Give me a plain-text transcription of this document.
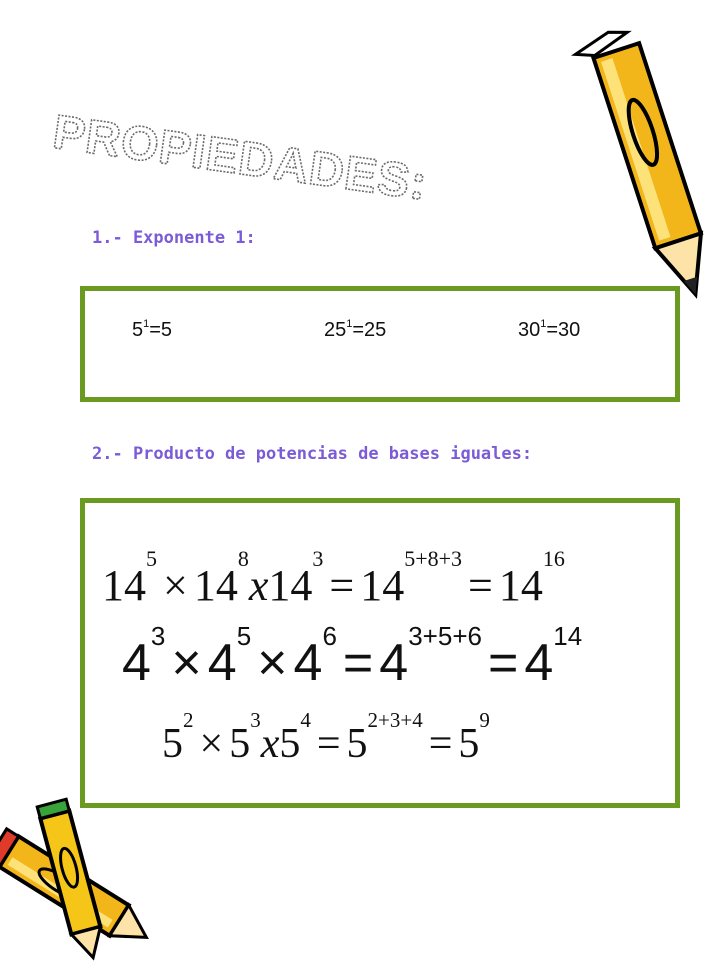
PROPIEDADES:
1.- Exponente 1:
$5^1=5$	$25^1=25$	$30^1=30$
2.- Producto de potencias de bases iguales:
$14^5\times 14^8x14^3= 14^{5+8+3}= 14^{16}$
$4^3 \times 4^5 \times 4^6 = 4^{3+5+6} = 4^{14}$
$5^2\times 5^3x5^4= 5^{2+3+4}= 5^9$
